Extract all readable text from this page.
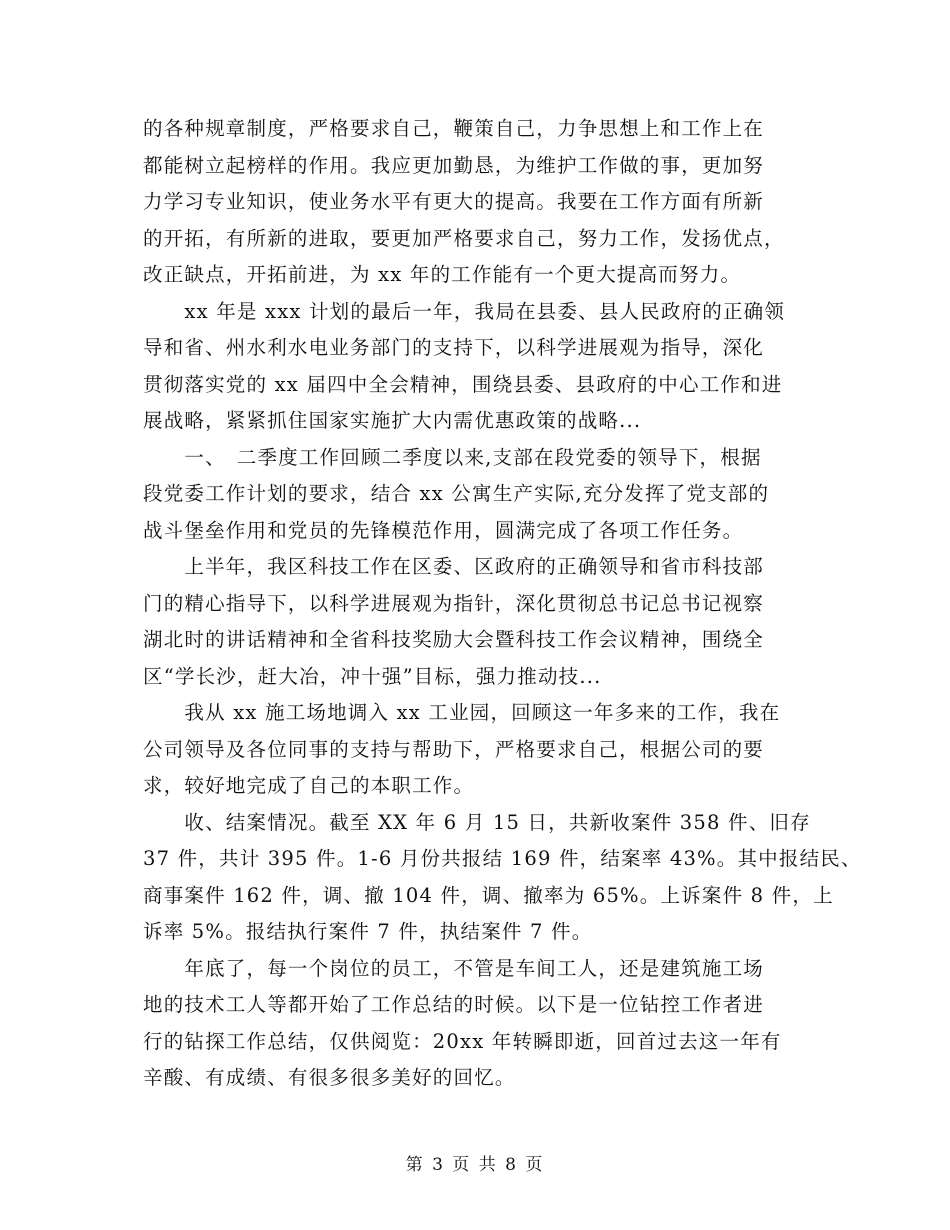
的各种规章制度，严格要求自己，鞭策自己，力争思想上和工作上在
都能树立起榜样的作用。我应更加勤恳，为维护工作做的事，更加努
力学习专业知识，使业务水平有更大的提高。我要在工作方面有所新
的开拓，有所新的进取，要更加严格要求自己，努力工作，发扬优点，
改正缺点，开拓前进，为 xx 年的工作能有一个更大提高而努力。
　　xx 年是 xxx 计划的最后一年，我局在县委、县人民政府的正确领
导和省、州水利水电业务部门的支持下，以科学进展观为指导，深化
贯彻落实党的 xx 届四中全会精神，围绕县委、县政府的中心工作和进
展战略，紧紧抓住国家实施扩大内需优惠政策的战略...
　　一、　二季度工作回顾二季度以来,支部在段党委的领导下，根据
段党委工作计划的要求，结合 xx 公寓生产实际,充分发挥了党支部的
战斗堡垒作用和党员的先锋模范作用，圆满完成了各项工作任务。
　　上半年，我区科技工作在区委、区政府的正确领导和省市科技部
门的精心指导下，以科学进展观为指针，深化贯彻总书记总书记视察
湖北时的讲话精神和全省科技奖励大会暨科技工作会议精神，围绕全
区“学长沙，赶大冶，冲十强”目标，强力推动技...
　　我从 xx 施工场地调入 xx 工业园，回顾这一年多来的工作，我在
公司领导及各位同事的支持与帮助下，严格要求自己，根据公司的要
求，较好地完成了自己的本职工作。
　　收、结案情况。截至 XX 年 6 月 15 日，共新收案件 358 件、旧存
37 件，共计 395 件。1-6 月份共报结 169 件，结案率 43%。其中报结民、
商事案件 162 件，调、撤 104 件，调、撤率为 65%。上诉案件 8 件，上
诉率 5%。报结执行案件 7 件，执结案件 7 件。
　　年底了，每一个岗位的员工，不管是车间工人，还是建筑施工场
地的技术工人等都开始了工作总结的时候。以下是一位钻控工作者进
行的钻探工作总结，仅供阅览：20xx 年转瞬即逝，回首过去这一年有
辛酸、有成绩、有很多很多美好的回忆。
第 3 页 共 8 页
